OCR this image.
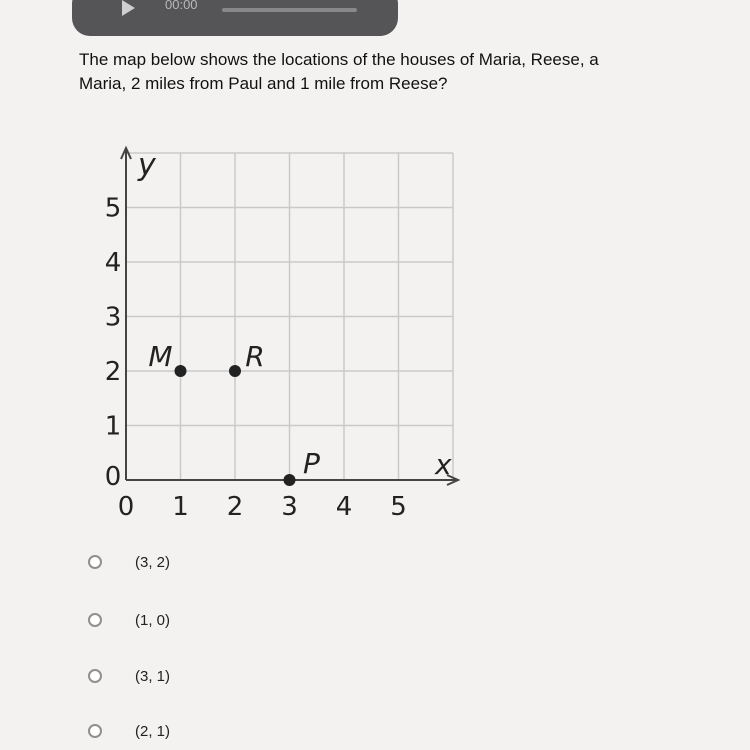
00:00
The map below shows the locations of the houses of Maria, Reese, a
Maria, 2 miles from Paul and 1 mile from Reese?
0 1 2 3 4 5
0
1
2
3
4
5
M	R
P	x
y
(3, 2)
(1, 0)
(3, 1)
(2, 1)
